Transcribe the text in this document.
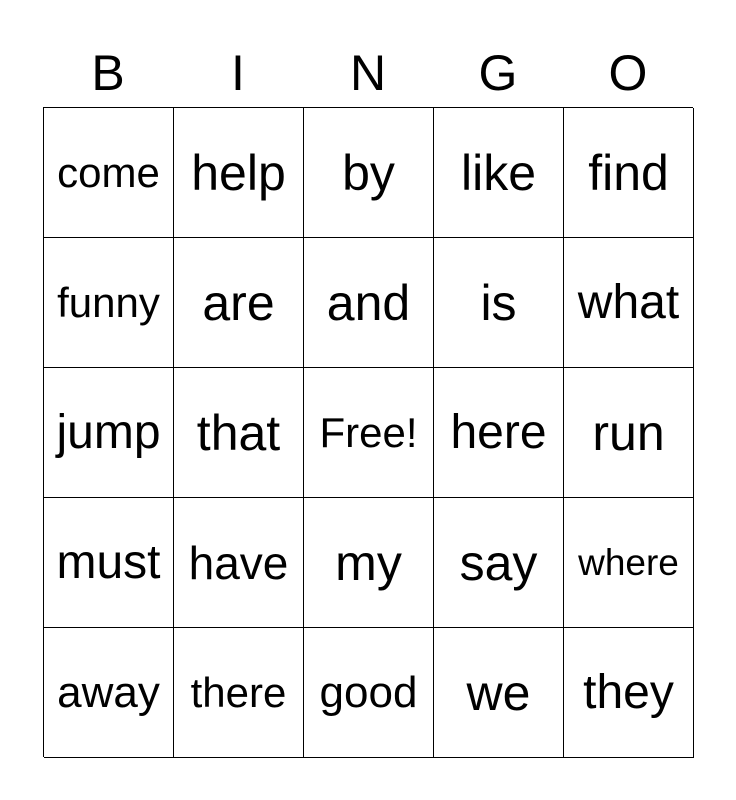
B	I	N	G	O
come help by like find
funny are and is what
jump that Free! here run
must have my say where
away there good we they
